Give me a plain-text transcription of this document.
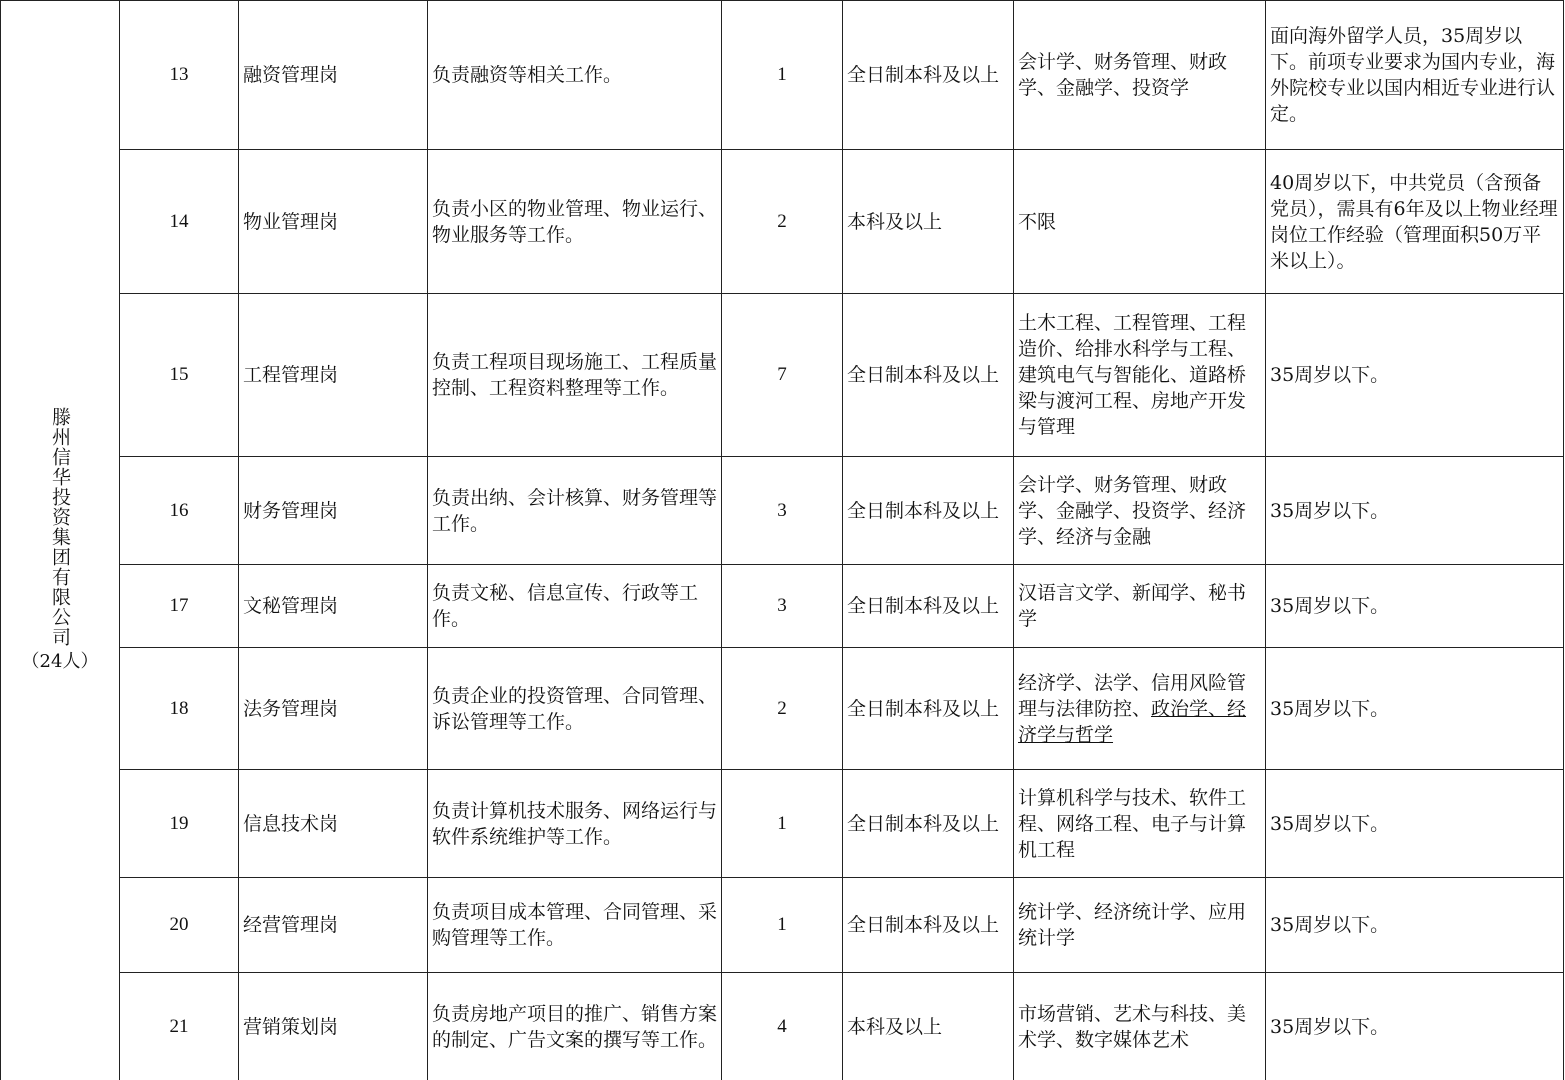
滕州信华投资集团有限公司
（24人）	13	融资管理岗	负责融资等相关工作。	1	全日制本科及以上	会计学、财务管理、财政学、金融学、投资学	面向海外留学人员，35周岁以下。前项专业要求为国内专业，海外院校专业以国内相近专业进行认定。
	14	物业管理岗	负责小区的物业管理、物业运行、物业服务等工作。	2	本科及以上	不限	40周岁以下，中共党员（含预备党员），需具有6年及以上物业经理岗位工作经验（管理面积50万平米以上）。
	15	工程管理岗	负责工程项目现场施工、工程质量控制、工程资料整理等工作。	7	全日制本科及以上	土木工程、工程管理、工程造价、给排水科学与工程、建筑电气与智能化、道路桥梁与渡河工程、房地产开发与管理	35周岁以下。
	16	财务管理岗	负责出纳、会计核算、财务管理等工作。	3	全日制本科及以上	会计学、财务管理、财政学、金融学、投资学、经济学、经济与金融	35周岁以下。
	17	文秘管理岗	负责文秘、信息宣传、行政等工作。	3	全日制本科及以上	汉语言文学、新闻学、秘书学	35周岁以下。
	18	法务管理岗	负责企业的投资管理、合同管理、诉讼管理等工作。	2	全日制本科及以上	经济学、法学、信用风险管理与法律防控、政治学、经济学与哲学	35周岁以下。
	19	信息技术岗	负责计算机技术服务、网络运行与软件系统维护等工作。	1	全日制本科及以上	计算机科学与技术、软件工程、网络工程、电子与计算机工程	35周岁以下。
	20	经营管理岗	负责项目成本管理、合同管理、采购管理等工作。	1	全日制本科及以上	统计学、经济统计学、应用统计学	35周岁以下。
	21	营销策划岗	负责房地产项目的推广、销售方案的制定、广告文案的撰写等工作。	4	本科及以上	市场营销、艺术与科技、美术学、数字媒体艺术	35周岁以下。
